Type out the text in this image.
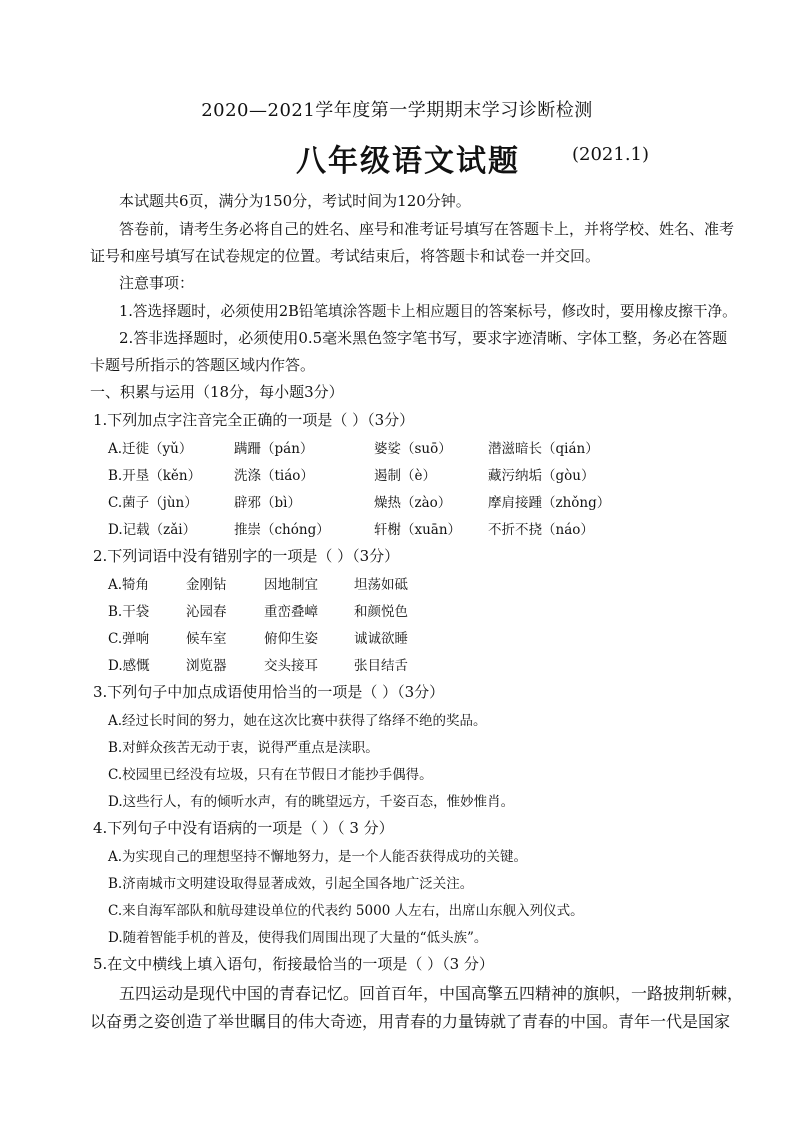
2020—2021学年度第一学期期末学习诊断检测
八年级语文试题	(2021.1)
本试题共6页，满分为150分，考试时间为120分钟。
答卷前，请考生务必将自己的姓名、座号和准考证号填写在答题卡上，并将学校、姓名、准考
证号和座号填写在试卷规定的位置。考试结束后，将答题卡和试卷一并交回。
注意事项：
1.答选择题时，必须使用2B铅笔填涂答题卡上相应题目的答案标号，修改时，要用橡皮擦干净。
2.答非选择题时，必须使用0.5毫米黑色签字笔书写，要求字迹清晰、字体工整，务必在答题
卡题号所指示的答题区域内作答。
一、积累与运用（18分，每小题3分）
1.下列加点字注音完全正确的一项是（ ）（3分）
A.迁徙（yǔ）	蹒跚（pán）	婆娑（suō）	潜滋暗长（qián）
B.开垦（kěn） 洗涤（tiáo）	遏制（è）	藏污纳垢（gòu）
C.菌子（jùn）	辟邪（bì）	燥热（zào）	摩肩接踵（zhǒng）
D.记载（zǎi）	推崇（chóng）	轩榭（xuān） 不折不挠（náo）
2.下列词语中没有错别字的一项是（ ）（3分）
A.犄角	金刚钻	因地制宜	坦荡如砥
B.干袋	沁园春	重峦叠嶂	和颜悦色
C.弹响	候车室	俯仰生姿	诚诚欲睡
D.感慨	浏览器	交头接耳	张目结舌
3.下列句子中加点成语使用恰当的一项是（ ）（3分）
A.经过长时间的努力，她在这次比赛中获得了络绎不绝的奖品。
B.对鲜众孩苦无动于衷，说得严重点是渎职。
C.校园里已经没有垃圾，只有在节假日才能抄手偶得。
D.这些行人，有的倾听水声，有的眺望远方，千姿百态，惟妙惟肖。
4.下列句子中没有语病的一项是（ ）（ 3 分）
A.为实现自己的理想坚持不懈地努力，是一个人能否获得成功的关键。
B.济南城市文明建设取得显著成效，引起全国各地广泛关注。
C.来自海军部队和航母建设单位的代表约 5000 人左右，出席山东舰入列仪式。
D.随着智能手机的普及，使得我们周围出现了大量的“低头族”。
5.在文中横线上填入语句，衔接最恰当的一项是（ ）（3 分）
五四运动是现代中国的青春记忆。回首百年，中国高擎五四精神的旗帜，一路披荆斩棘，
以奋勇之姿创造了举世瞩目的伟大奇迹，用青春的力量铸就了青春的中国。青年一代是国家
